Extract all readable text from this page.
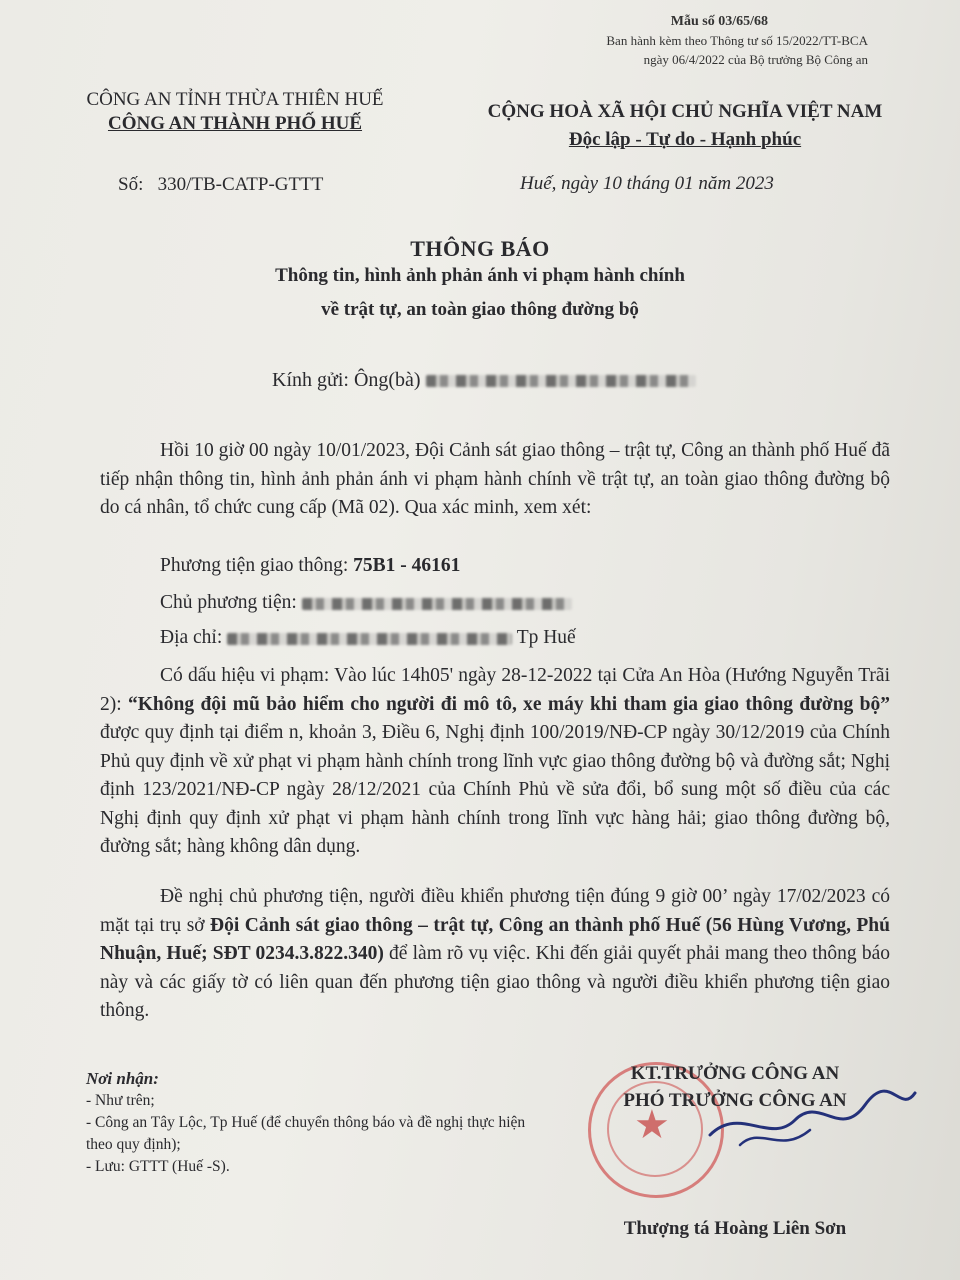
Mẫu số 03/65/68
Ban hành kèm theo Thông tư số 15/2022/TT-BCA
ngày 06/4/2022 của Bộ trưởng Bộ Công an
CÔNG AN TỈNH THỪA THIÊN HUẾ
CÔNG AN THÀNH PHỐ HUẾ
CỘNG HOÀ XÃ HỘI CHỦ NGHĨA VIỆT NAM
Độc lập - Tự do - Hạnh phúc
Số: 330/TB-CATP-GTTT	Huế, ngày 10 tháng 01 năm 2023
THÔNG BÁO
Thông tin, hình ảnh phản ánh vi phạm hành chính
về trật tự, an toàn giao thông đường bộ
Kính gửi: Ông(bà)

Hồi 10 giờ 00 ngày 10/01/2023, Đội Cảnh sát giao thông – trật tự, Công an thành phố Huế đã tiếp nhận thông tin, hình ảnh phản ánh vi phạm hành chính về trật tự, an toàn giao thông đường bộ do cá nhân, tổ chức cung cấp (Mã 02). Qua xác minh, xem xét:

Phương tiện giao thông: 75B1 - 46161
Chủ phương tiện:
Địa chỉ:	Tp Huế

Có dấu hiệu vi phạm: Vào lúc 14h05' ngày 28-12-2022 tại Cửa An Hòa (Hướng Nguyễn Trãi 2): “Không đội mũ bảo hiểm cho người đi mô tô, xe máy khi tham gia giao thông đường bộ” được quy định tại điểm n, khoản 3, Điều 6, Nghị định 100/2019/NĐ-CP ngày 30/12/2019 của Chính Phủ quy định về xử phạt vi phạm hành chính trong lĩnh vực giao thông đường bộ và đường sắt; Nghị định 123/2021/NĐ-CP ngày 28/12/2021 của Chính Phủ về sửa đổi, bổ sung một số điều của các Nghị định quy định xử phạt vi phạm hành chính trong lĩnh vực hàng hải; giao thông đường bộ, đường sắt; hàng không dân dụng.

Đề nghị chủ phương tiện, người điều khiển phương tiện đúng 9 giờ 00’ ngày 17/02/2023 có mặt tại trụ sở Đội Cảnh sát giao thông – trật tự, Công an thành phố Huế (56 Hùng Vương, Phú Nhuận, Huế; SĐT 0234.3.822.340) để làm rõ vụ việc. Khi đến giải quyết phải mang theo thông báo này và các giấy tờ có liên quan đến phương tiện giao thông và người điều khiển phương tiện giao thông.

Nơi nhận:
- Như trên;
- Công an Tây Lộc, Tp Huế (để chuyển thông báo và đề nghị thực hiện theo quy định);
- Lưu: GTTT (Huế -S).
★
KT.TRƯỞNG CÔNG AN
PHÓ TRƯỞNG CÔNG AN
Thượng tá Hoàng Liên Sơn
